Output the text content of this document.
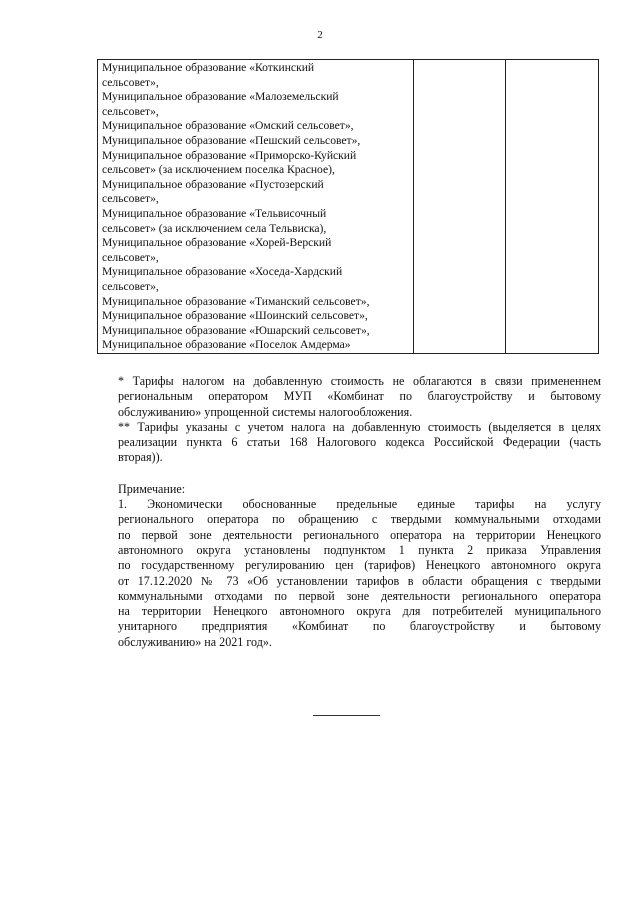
2
Муниципальное образование «Коткинский
сельсовет»,
Муниципальное образование «Малоземельский
сельсовет»,
Муниципальное образование «Омский сельсовет»,
Муниципальное образование «Пешский сельсовет»,
Муниципальное образование «Приморско-Куйский
сельсовет» (за исключением поселка Красное),
Муниципальное образование «Пустозерский
сельсовет»,
Муниципальное образование «Тельвисочный
сельсовет» (за исключением села Тельвиска),
Муниципальное образование «Хорей-Верский
сельсовет»,
Муниципальное образование «Хоседа-Хардский
сельсовет»,
Муниципальное образование «Тиманский сельсовет»,
Муниципальное образование «Шоинский сельсовет»,
Муниципальное образование «Юшарский сельсовет»,
Муниципальное образование «Поселок Амдерма»

* Тарифы налогом на добавленную стоимость не облагаются в связи примененнем
региональным оператором МУП «Комбинат по благоустройству и бытовому
обслуживанию» упрощенной системы налогообложения.

** Тарифы указаны с учетом налога на добавленную стоимость (выделяется в целях
реализации пункта 6 статьи 168 Налогового кодекса Российской Федерации (часть
вторая)).

Примечание:

1. Экономически обоснованные предельные единые тарифы на услугу
регионального оператора по обращению с твердыми коммунальными отходами
по первой зоне деятельности регионального оператора на территории Ненецкого
автономного округа установлены подпунктом 1 пункта 2 приказа Управления
по государственному регулированию цен (тарифов) Ненецкого автономного округа
от 17.12.2020 № 73 «Об установлении тарифов в области обращения с твердыми
коммунальными отходами по первой зоне деятельности регионального оператора
на территории Ненецкого автономного округа для потребителей муниципального
унитарного предприятия «Комбинат по благоустройству и бытовому
обслуживанию» на 2021 год».
